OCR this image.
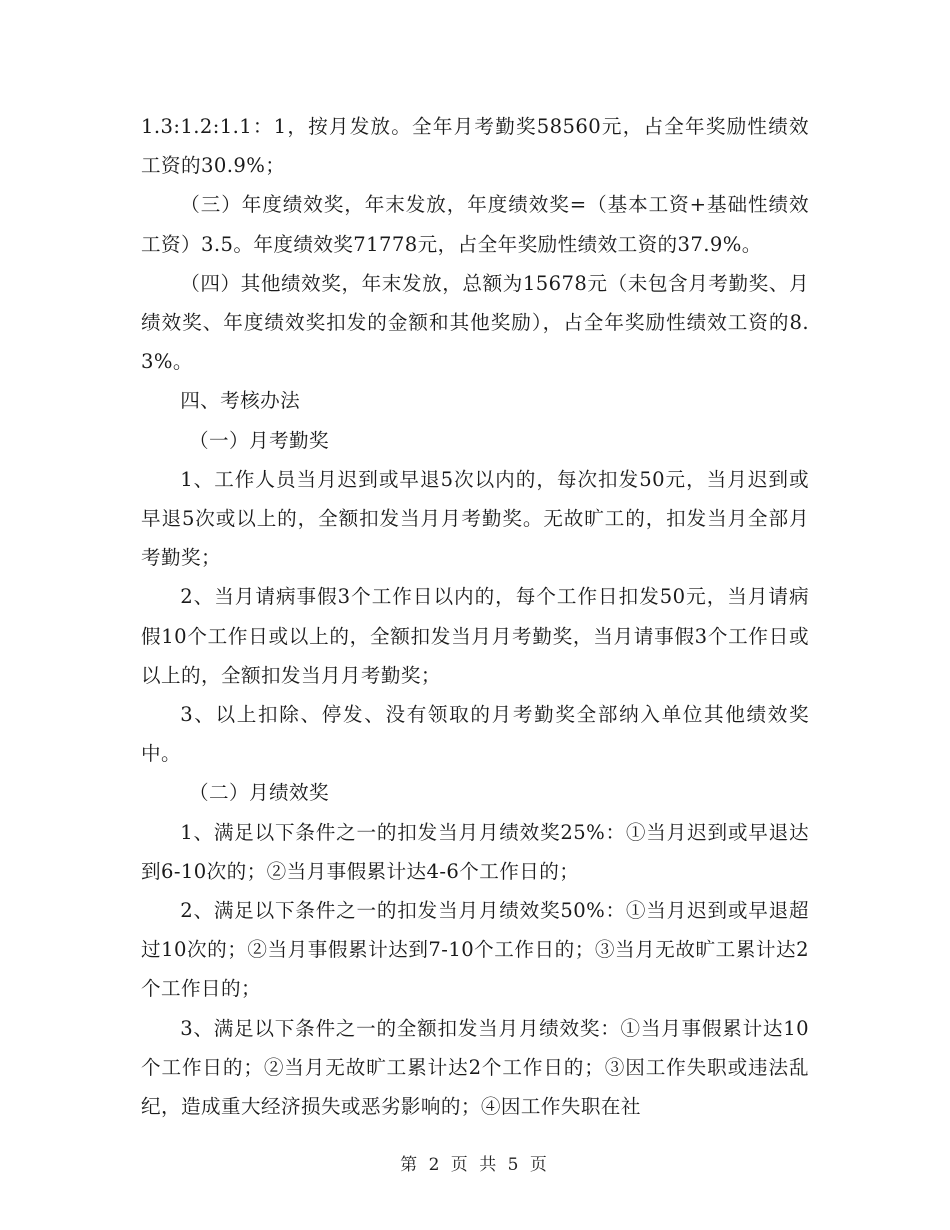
1.3:1.2:1.1：1，按月发放。全年月考勤奖58560元，占全年奖励性绩效工资的30.9%；

（三）年度绩效奖，年末发放，年度绩效奖=（基本工资+基础性绩效工资）3.5。年度绩效奖71778元，占全年奖励性绩效工资的37.9%。

（四）其他绩效奖，年末发放，总额为15678元（未包含月考勤奖、月绩效奖、年度绩效奖扣发的金额和其他奖励），占全年奖励性绩效工资的8.3%。

四、考核办法

（一）月考勤奖

1、工作人员当月迟到或早退5次以内的，每次扣发50元，当月迟到或早退5次或以上的，全额扣发当月月考勤奖。无故旷工的，扣发当月全部月考勤奖；

2、当月请病事假3个工作日以内的，每个工作日扣发50元，当月请病假10个工作日或以上的，全额扣发当月月考勤奖，当月请事假3个工作日或以上的，全额扣发当月月考勤奖；

3、以上扣除、停发、没有领取的月考勤奖全部纳入单位其他绩效奖中。

（二）月绩效奖

1、满足以下条件之一的扣发当月月绩效奖25%：①当月迟到或早退达到6-10次的；②当月事假累计达4-6个工作日的；

2、满足以下条件之一的扣发当月月绩效奖50%：①当月迟到或早退超过10次的；②当月事假累计达到7-10个工作日的；③当月无故旷工累计达2个工作日的；

3、满足以下条件之一的全额扣发当月月绩效奖：①当月事假累计达10个工作日的；②当月无故旷工累计达2个工作日的；③因工作失职或违法乱纪，造成重大经济损失或恶劣影响的；④因工作失职在社

第 2 页 共 5 页
